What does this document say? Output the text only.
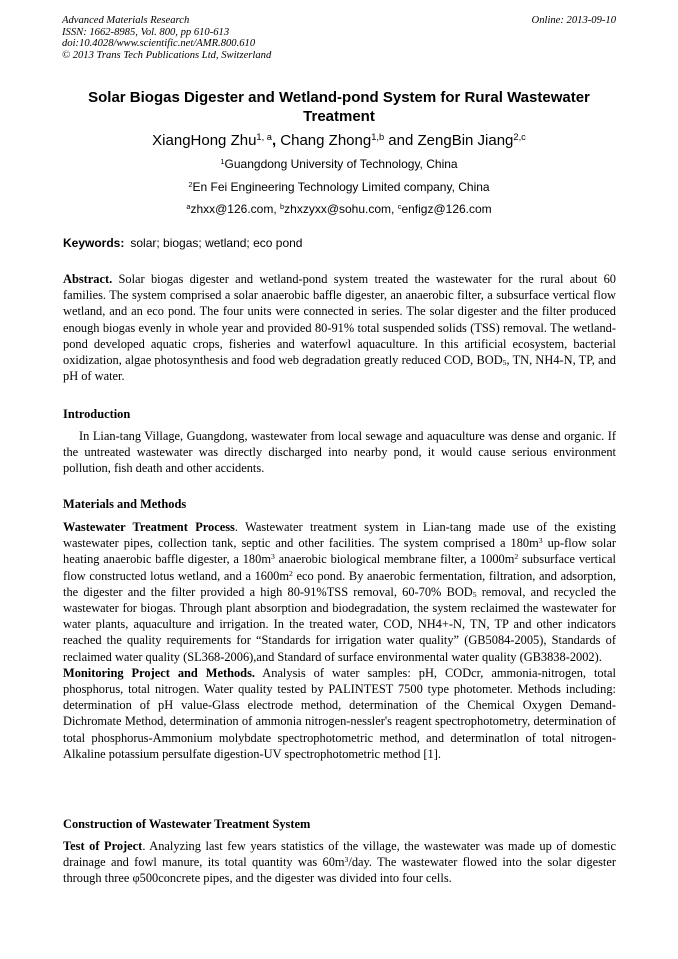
Advanced Materials Research
ISSN: 1662-8985, Vol. 800, pp 610-613
doi:10.4028/www.scientific.net/AMR.800.610
© 2013 Trans Tech Publications Ltd, Switzerland
Online: 2013-09-10
Solar Biogas Digester and Wetland-pond System for Rural Wastewater
Treatment
XiangHong Zhu$^{1, a}$, Chang Zhong$^{1,b}$ and ZengBin Jiang$^{2,c}$
$^1$Guangdong University of Technology, China
$^2$En Fei Engineering Technology Limited company, China
$^a$zhxx@126.com, $^b$zhxzyxx@sohu.com, $^c$enfigz@126.com
Keywords: solar; biogas; wetland; eco pond
Abstract. Solar biogas digester and wetland-pond system treated the wastewater for the rural about 60 families. The system comprised a solar anaerobic baffle digester, an anaerobic filter, a subsurface vertical flow wetland, and an eco pond. The four units were connected in series. The solar digester and the filter produced enough biogas evenly in whole year and provided 80-91% total suspended solids (TSS) removal. The wetland-pond developed aquatic crops, fisheries and waterfowl aquaculture. In this artificial ecosystem, bacterial oxidization, algae photosynthesis and food web degradation greatly reduced COD, $BOD_5$, TN, NH4-N, TP, and pH of water.
Introduction
In Lian-tang Village, Guangdong, wastewater from local sewage and aquaculture was dense and organic. If the untreated wastewater was directly discharged into nearby pond, it would cause serious environment pollution, fish death and other accidents.
Materials and Methods
Wastewater Treatment Process. Wastewater treatment system in Lian-tang made use of the existing wastewater pipes, collection tank, septic and other facilities. The system comprised a $180m^3$ up-flow solar heating anaerobic baffle digester, a $180m^3$ anaerobic biological membrane filter, a $1000m^2$ subsurface vertical flow constructed lotus wetland, and a $1600m^2$ eco pond. By anaerobic fermentation, filtration, and adsorption, the digester and the filter provided a high 80-91%TSS removal, 60-70% $BOD_5$ removal, and recycled the wastewater for biogas. Through plant absorption and biodegradation, the system reclaimed the wastewater for water plants, aquaculture and irrigation. In the treated water, COD, NH4+-N, TN, TP and other indicators reached the quality requirements for “Standards for irrigation water quality” (GB5084-2005), Standards of reclaimed water quality (SL368-2006),and Standard of surface environmental water quality (GB3838-2002).
Monitoring Project and Methods. Analysis of water samples: pH, CODcr, ammonia-nitrogen, total phosphorus, total nitrogen. Water quality tested by PALINTEST 7500 type photometer. Methods including: determination of pH value-Glass electrode method, determination of the Chemical Oxygen Demand-Dichromate Method, determination of ammonia nitrogen-nessler's reagent spectrophotometry, determination of total phosphorus-Ammonium molybdate spectrophotometric method, and determinatlon of total nitrogen-Alkaline potassium persulfate digestion-UV spectrophotometric method [1].
Construction of Wastewater Treatment System
Test of Project. Analyzing last few years statistics of the village, the wastewater was made up of domestic drainage and fowl manure, its total quantity was $60m^3$/day. The wastewater flowed into the solar digester through three φ500concrete pipes, and the digester was divided into four cells.
